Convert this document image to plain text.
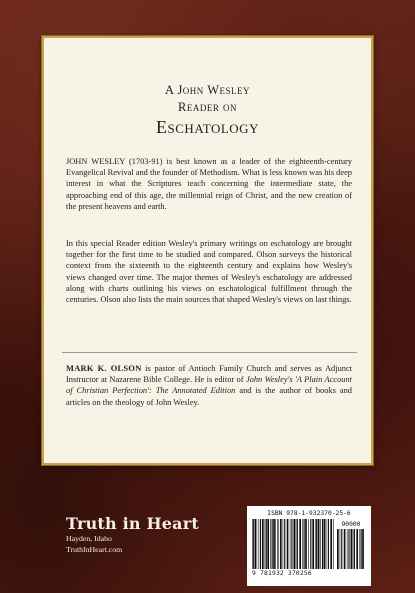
A John Wesley
Reader on
Eschatology

JOHN WESLEY (1703-91) is best known as a leader of the eighteenth-century Evangelical Revival and the founder of Methodism. What is less known was his deep interest in what the Scriptures teach concerning the intermediate state, the approaching end of this age, the millennial reign of Christ, and the new creation of the present heavens and earth.

In this special Reader edition Wesley's primary writings on eschatology are brought together for the first time to be studied and compared. Olson surveys the historical context from the sixteenth to the eighteenth century and explains how Wesley's views changed over time. The major themes of Wesley's eschatology are addressed along with charts outlining his views on eschatological fulfillment through the centuries. Olson also lists the main sources that shaped Wesley's views on last things.

MARK K. OLSON is pastor of Antioch Family Church and serves as Adjunct Instructor at Nazarene Bible College. He is editor of John Wesley's 'A Plain Account of Christian Perfection': The Annotated Edition and is the author of books and articles on the theology of John Wesley.

Truth in Heart
Hayden, Idaho
TruthInHeart.com
ISBN 978-1-932370-25-6
90000
9 781932 370256
